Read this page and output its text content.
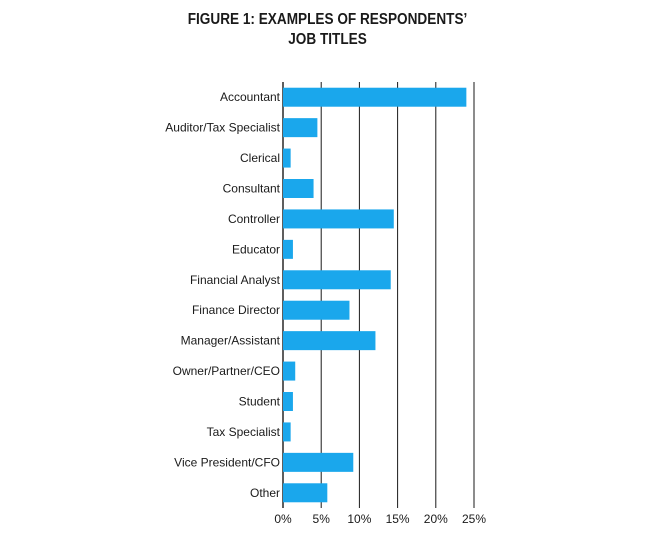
FIGURE 1: EXAMPLES OF RESPONDENTS’
JOB TITLES
Accountant
Auditor/Tax Specialist
Clerical
Consultant
Controller
Educator
Financial Analyst
Finance Director
Manager/Assistant
Owner/Partner/CEO
Student
Tax Specialist
Vice President/CFO
Other
0% 5% 10% 15% 20% 25%
